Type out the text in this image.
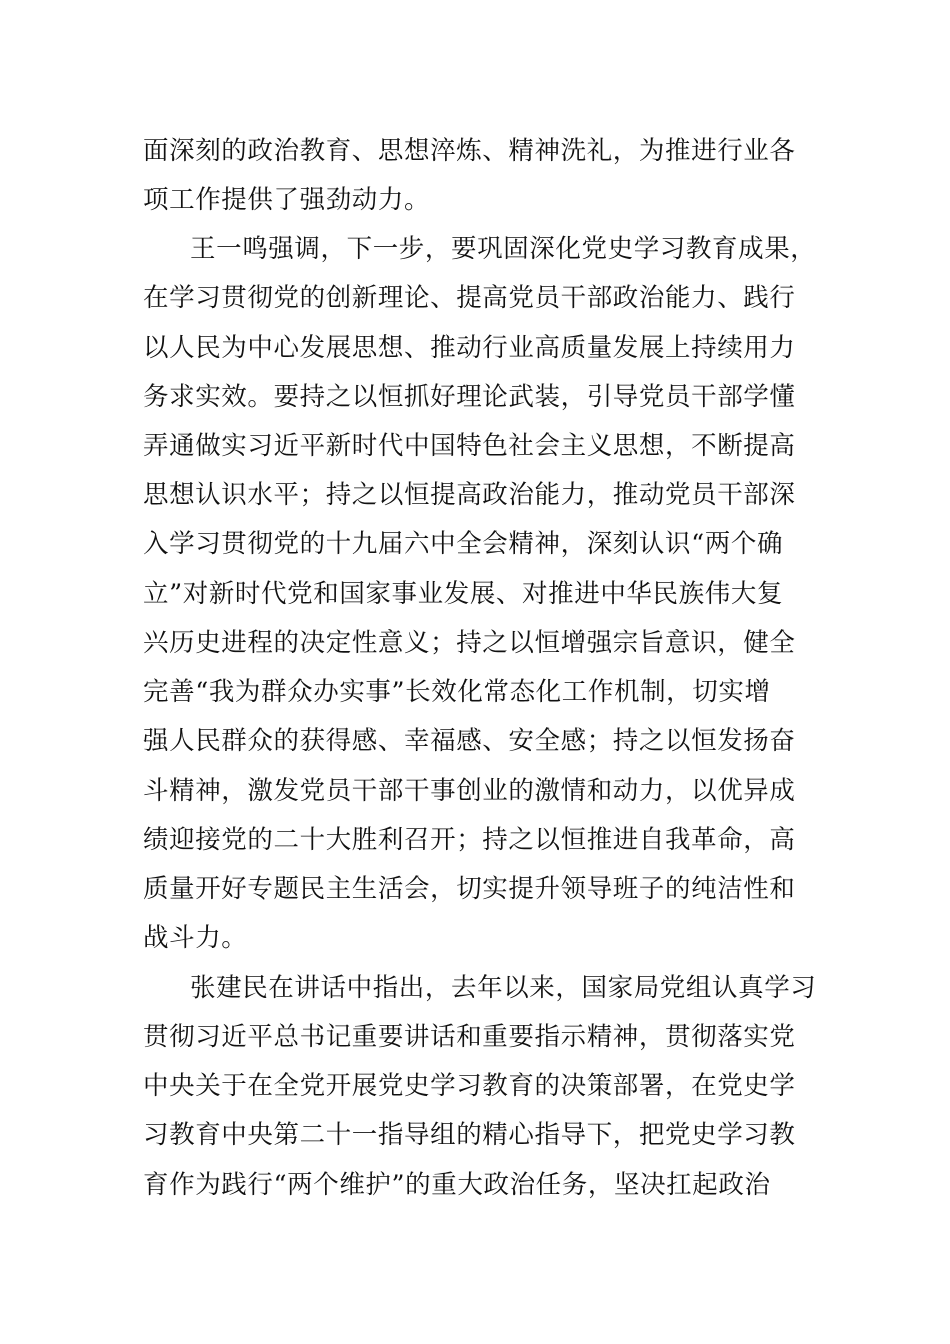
面深刻的政治教育、思想淬炼、精神洗礼，为推进行业各
项工作提供了强劲动力。
王一鸣强调，下一步，要巩固深化党史学习教育成果，
在学习贯彻党的创新理论、提高党员干部政治能力、践行
以人民为中心发展思想、推动行业高质量发展上持续用力
务求实效。要持之以恒抓好理论武装，引导党员干部学懂
弄通做实习近平新时代中国特色社会主义思想，不断提高
思想认识水平；持之以恒提高政治能力，推动党员干部深
入学习贯彻党的十九届六中全会精神，深刻认识“两个确
立”对新时代党和国家事业发展、对推进中华民族伟大复
兴历史进程的决定性意义；持之以恒增强宗旨意识，健全
完善“我为群众办实事”长效化常态化工作机制，切实增
强人民群众的获得感、幸福感、安全感；持之以恒发扬奋
斗精神，激发党员干部干事创业的激情和动力，以优异成
绩迎接党的二十大胜利召开；持之以恒推进自我革命，高
质量开好专题民主生活会，切实提升领导班子的纯洁性和
战斗力。
张建民在讲话中指出，去年以来，国家局党组认真学习
贯彻习近平总书记重要讲话和重要指示精神，贯彻落实党
中央关于在全党开展党史学习教育的决策部署，在党史学
习教育中央第二十一指导组的精心指导下，把党史学习教
育作为践行“两个维护”的重大政治任务，坚决扛起政治
